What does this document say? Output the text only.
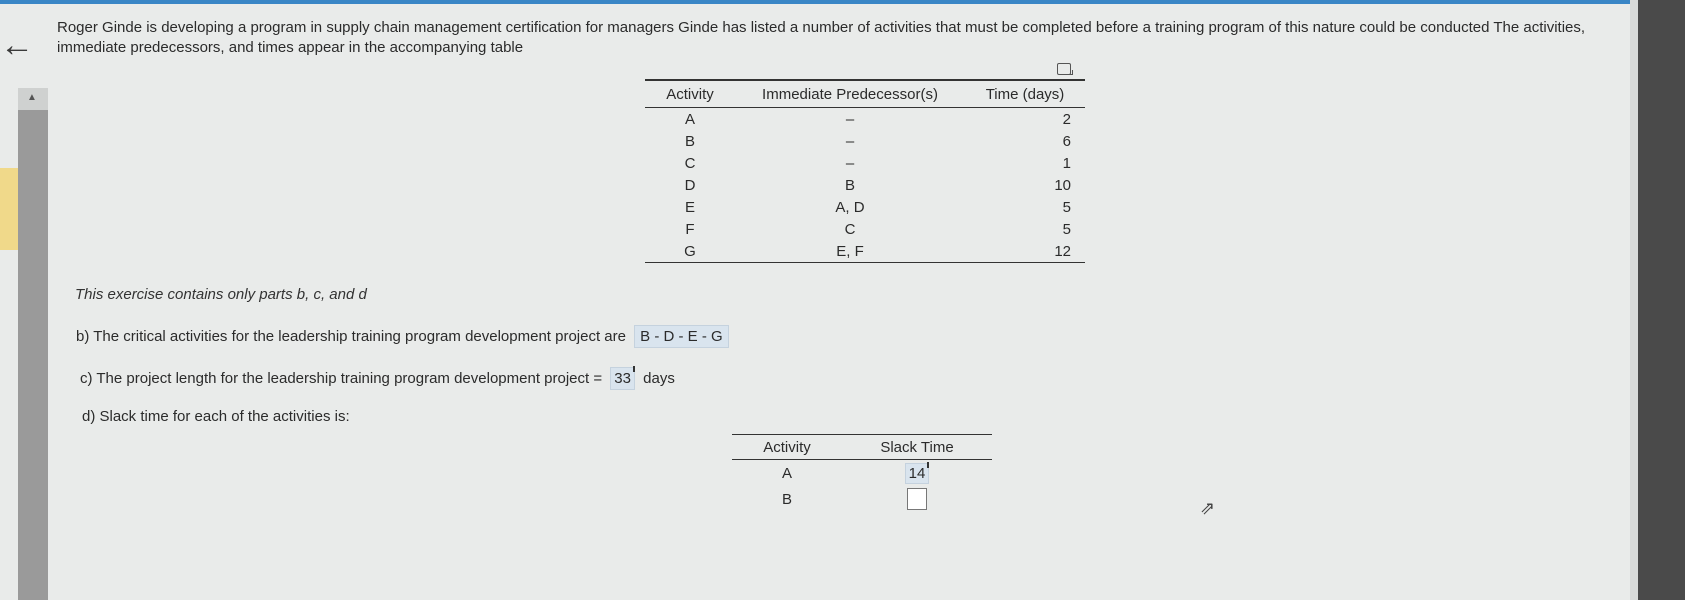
←
▲
Roger Ginde is developing a program in supply chain management certification for managers Ginde has listed a number of activities that must be completed before a training program of this nature could be conducted The activities, immediate predecessors, and times appear in the accompanying table
Activity	Immediate Predecessor(s)	Time (days)
A	–	2
B	–	6
C	–	1
D	B	10
E	A, D	5
F	C	5
G	E, F	12
This exercise contains only parts b, c, and d
b) The critical activities for the leadership training program development project are B - D - E - G
c) The project length for the leadership training program development project = 33 days
d) Slack time for each of the activities is:
Activity	Slack Time
A	14
B		⇗
